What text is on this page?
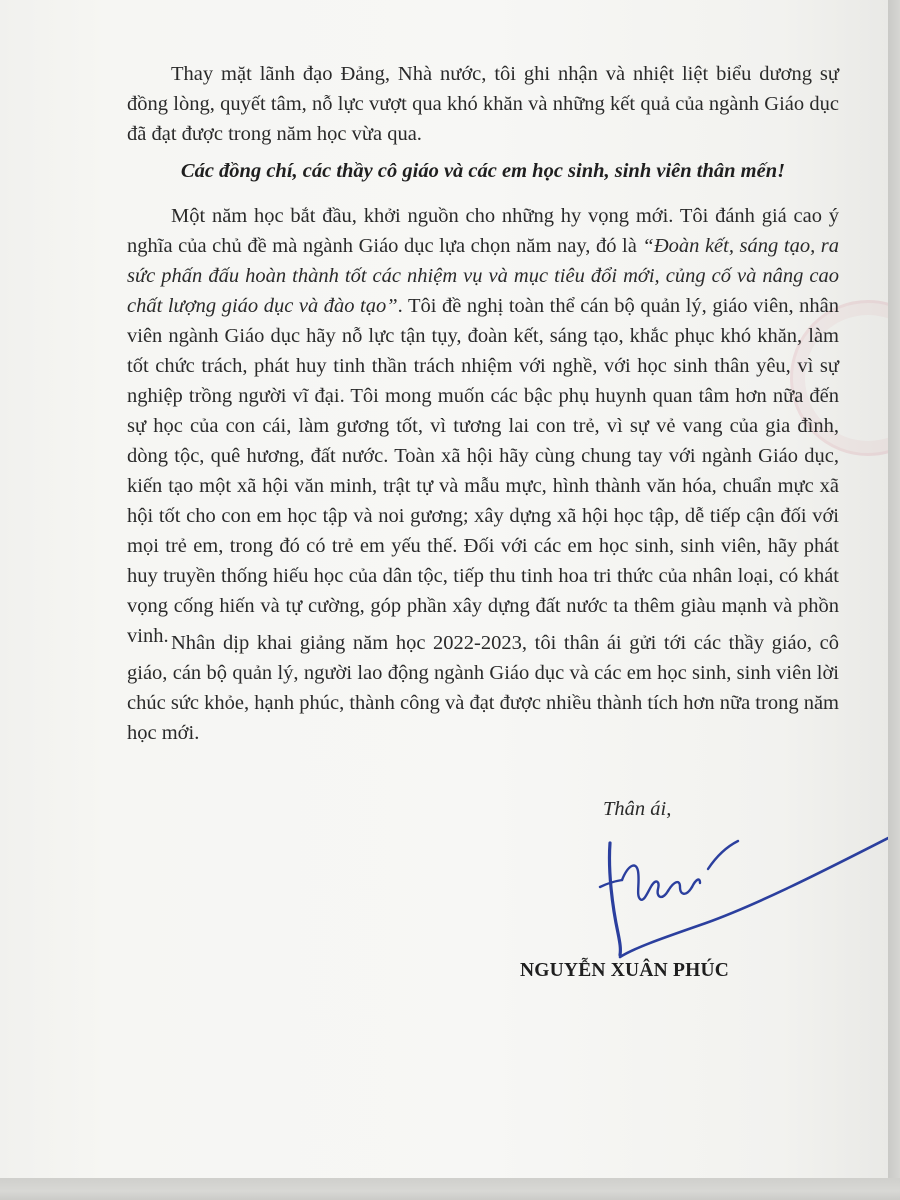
Thay mặt lãnh đạo Đảng, Nhà nước, tôi ghi nhận và nhiệt liệt biểu dương sự đồng lòng, quyết tâm, nỗ lực vượt qua khó khăn và những kết quả của ngành Giáo dục đã đạt được trong năm học vừa qua.
Các đồng chí, các thầy cô giáo và các em học sinh, sinh viên thân mến!
Một năm học bắt đầu, khởi nguồn cho những hy vọng mới. Tôi đánh giá cao ý nghĩa của chủ đề mà ngành Giáo dục lựa chọn năm nay, đó là “Đoàn kết, sáng tạo, ra sức phấn đấu hoàn thành tốt các nhiệm vụ và mục tiêu đổi mới, củng cố và nâng cao chất lượng giáo dục và đào tạo”. Tôi đề nghị toàn thể cán bộ quản lý, giáo viên, nhân viên ngành Giáo dục hãy nỗ lực tận tụy, đoàn kết, sáng tạo, khắc phục khó khăn, làm tốt chức trách, phát huy tinh thần trách nhiệm với nghề, với học sinh thân yêu, vì sự nghiệp trồng người vĩ đại. Tôi mong muốn các bậc phụ huynh quan tâm hơn nữa đến sự học của con cái, làm gương tốt, vì tương lai con trẻ, vì sự vẻ vang của gia đình, dòng tộc, quê hương, đất nước. Toàn xã hội hãy cùng chung tay với ngành Giáo dục, kiến tạo một xã hội văn minh, trật tự và mẫu mực, hình thành văn hóa, chuẩn mực xã hội tốt cho con em học tập và noi gương; xây dựng xã hội học tập, dễ tiếp cận đối với mọi trẻ em, trong đó có trẻ em yếu thế. Đối với các em học sinh, sinh viên, hãy phát huy truyền thống hiếu học của dân tộc, tiếp thu tinh hoa tri thức của nhân loại, có khát vọng cống hiến và tự cường, góp phần xây dựng đất nước ta thêm giàu mạnh và phồn vinh. Nhân dịp khai giảng năm học 2022-2023, tôi thân ái gửi tới các thầy giáo, cô giáo, cán bộ quản lý, người lao động ngành Giáo dục và các em học sinh, sinh viên lời chúc sức khỏe, hạnh phúc, thành công và đạt được nhiều thành tích hơn nữa trong năm học mới.
Thân ái,
NGUYỄN XUÂN PHÚC
